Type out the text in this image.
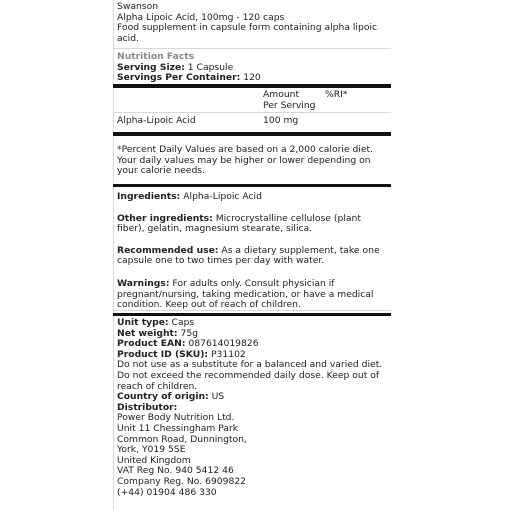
Swanson
Alpha Lipoic Acid, 100mg - 120 caps
Food supplement in capsule form containing alpha lipoic
acid.
Nutrition Facts
Serving Size: 1 Capsule
Servings Per Container: 120
Amount
Per Serving
%RI*
Alpha-Lipoic Acid	100 mg
*Percent Daily Values are based on a 2,000 calorie diet.
Your daily values may be higher or lower depending on
your calorie needs.
Ingredients: Alpha-Lipoic Acid
Other ingredients: Microcrystalline cellulose (plant
fiber), gelatin, magnesium stearate, silica.
Recommended use: As a dietary supplement, take one
capsule one to two times per day with water.
Warnings: For adults only. Consult physician if
pregnant/nursing, taking medication, or have a medical
condition. Keep out of reach of children.
Unit type: Caps
Net weight: 75g
Product EAN: 087614019826
Product ID (SKU): P31102
Do not use as a substitute for a balanced and varied diet.
Do not exceed the recommended daily dose. Keep out of
reach of children.
Country of origin: US
Distributor:
Power Body Nutrition Ltd.
Unit 11 Chessingham Park
Common Road, Dunnington,
York, Y019 5SE
United Kingdom
VAT Reg No. 940 5412 46
Company Reg. No. 6909822
(+44) 01904 486 330
